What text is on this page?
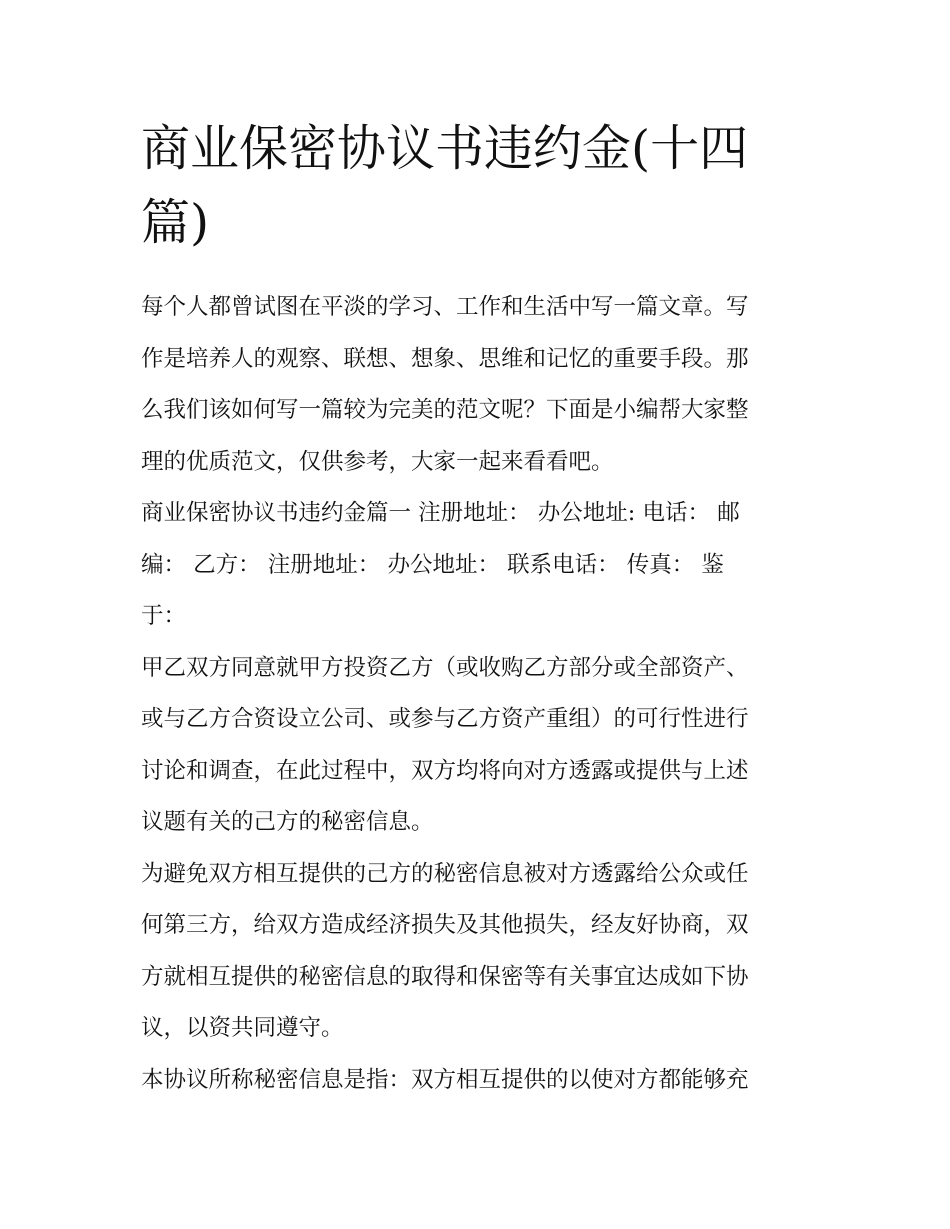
商业保密协议书违约金(十四
篇)

每个人都曾试图在平淡的学习、工作和生活中写一篇文章。写
作是培养人的观察、联想、想象、思维和记忆的重要手段。那
么我们该如何写一篇较为完美的范文呢？下面是小编帮大家整
理的优质范文，仅供参考，大家一起来看看吧。

商业保密协议书违约金篇一 注册地址： 办公地址: 电话： 邮
编： 乙方： 注册地址： 办公地址： 联系电话： 传真： 鉴
于：

甲乙双方同意就甲方投资乙方（或收购乙方部分或全部资产、
或与乙方合资设立公司、或参与乙方资产重组）的可行性进行
讨论和调查，在此过程中，双方均将向对方透露或提供与上述
议题有关的己方的秘密信息。

为避免双方相互提供的己方的秘密信息被对方透露给公众或任
何第三方，给双方造成经济损失及其他损失，经友好协商，双
方就相互提供的秘密信息的取得和保密等有关事宜达成如下协
议，以资共同遵守。

本协议所称秘密信息是指：双方相互提供的以使对方都能够充
